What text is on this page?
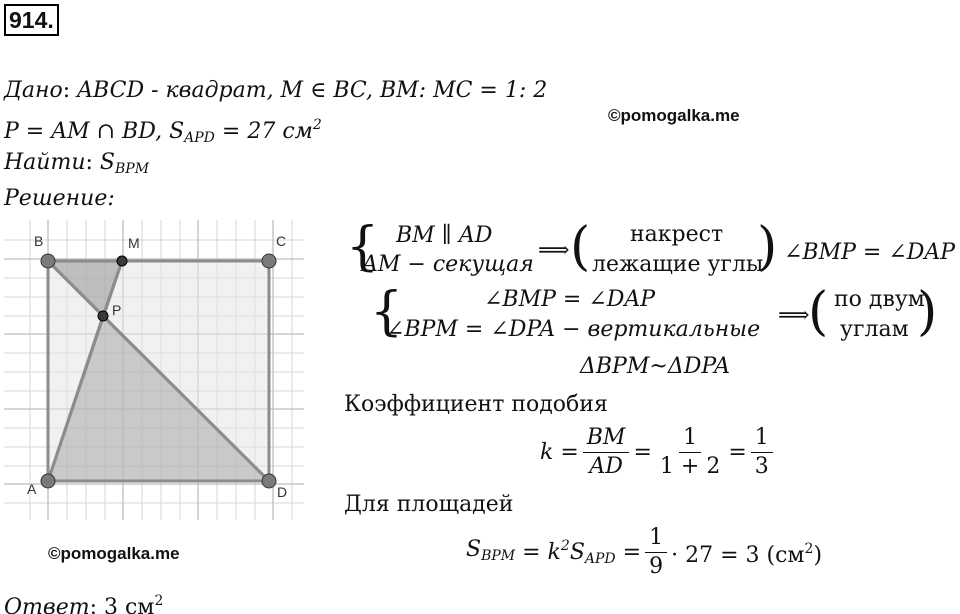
914.
Дано: ABCD - квадрат, M ∈ BC, BM: MC = 1: 2
©pomogalka.me
P = AM ∩ BD, $S_{APD} = 27$ $см^2$
Найти: $S_{BPM}$
Решение:
B	M	C
P
A	D
©pomogalka.me
{ BM ∥ AD
AM − секущая
⟹ ( накрест
лежащие углы
) ∠BMP = ∠DAP
{	∠BMP = ∠DAP
∠BPM = ∠DPA − вертикальные
⟹
( по двум
углам )
ΔBPM~ΔDPA
Коэффициент подобия
$k = \frac{BM}{AD} = \frac{1}{1 + 2} = \frac{1}{3}$
Для площадей
$S_{BPM} = k^2S_{APD} = \frac{1}{9} \cdot 27 = 3$ $(см^2)$
Ответ: 3 $см^2$
